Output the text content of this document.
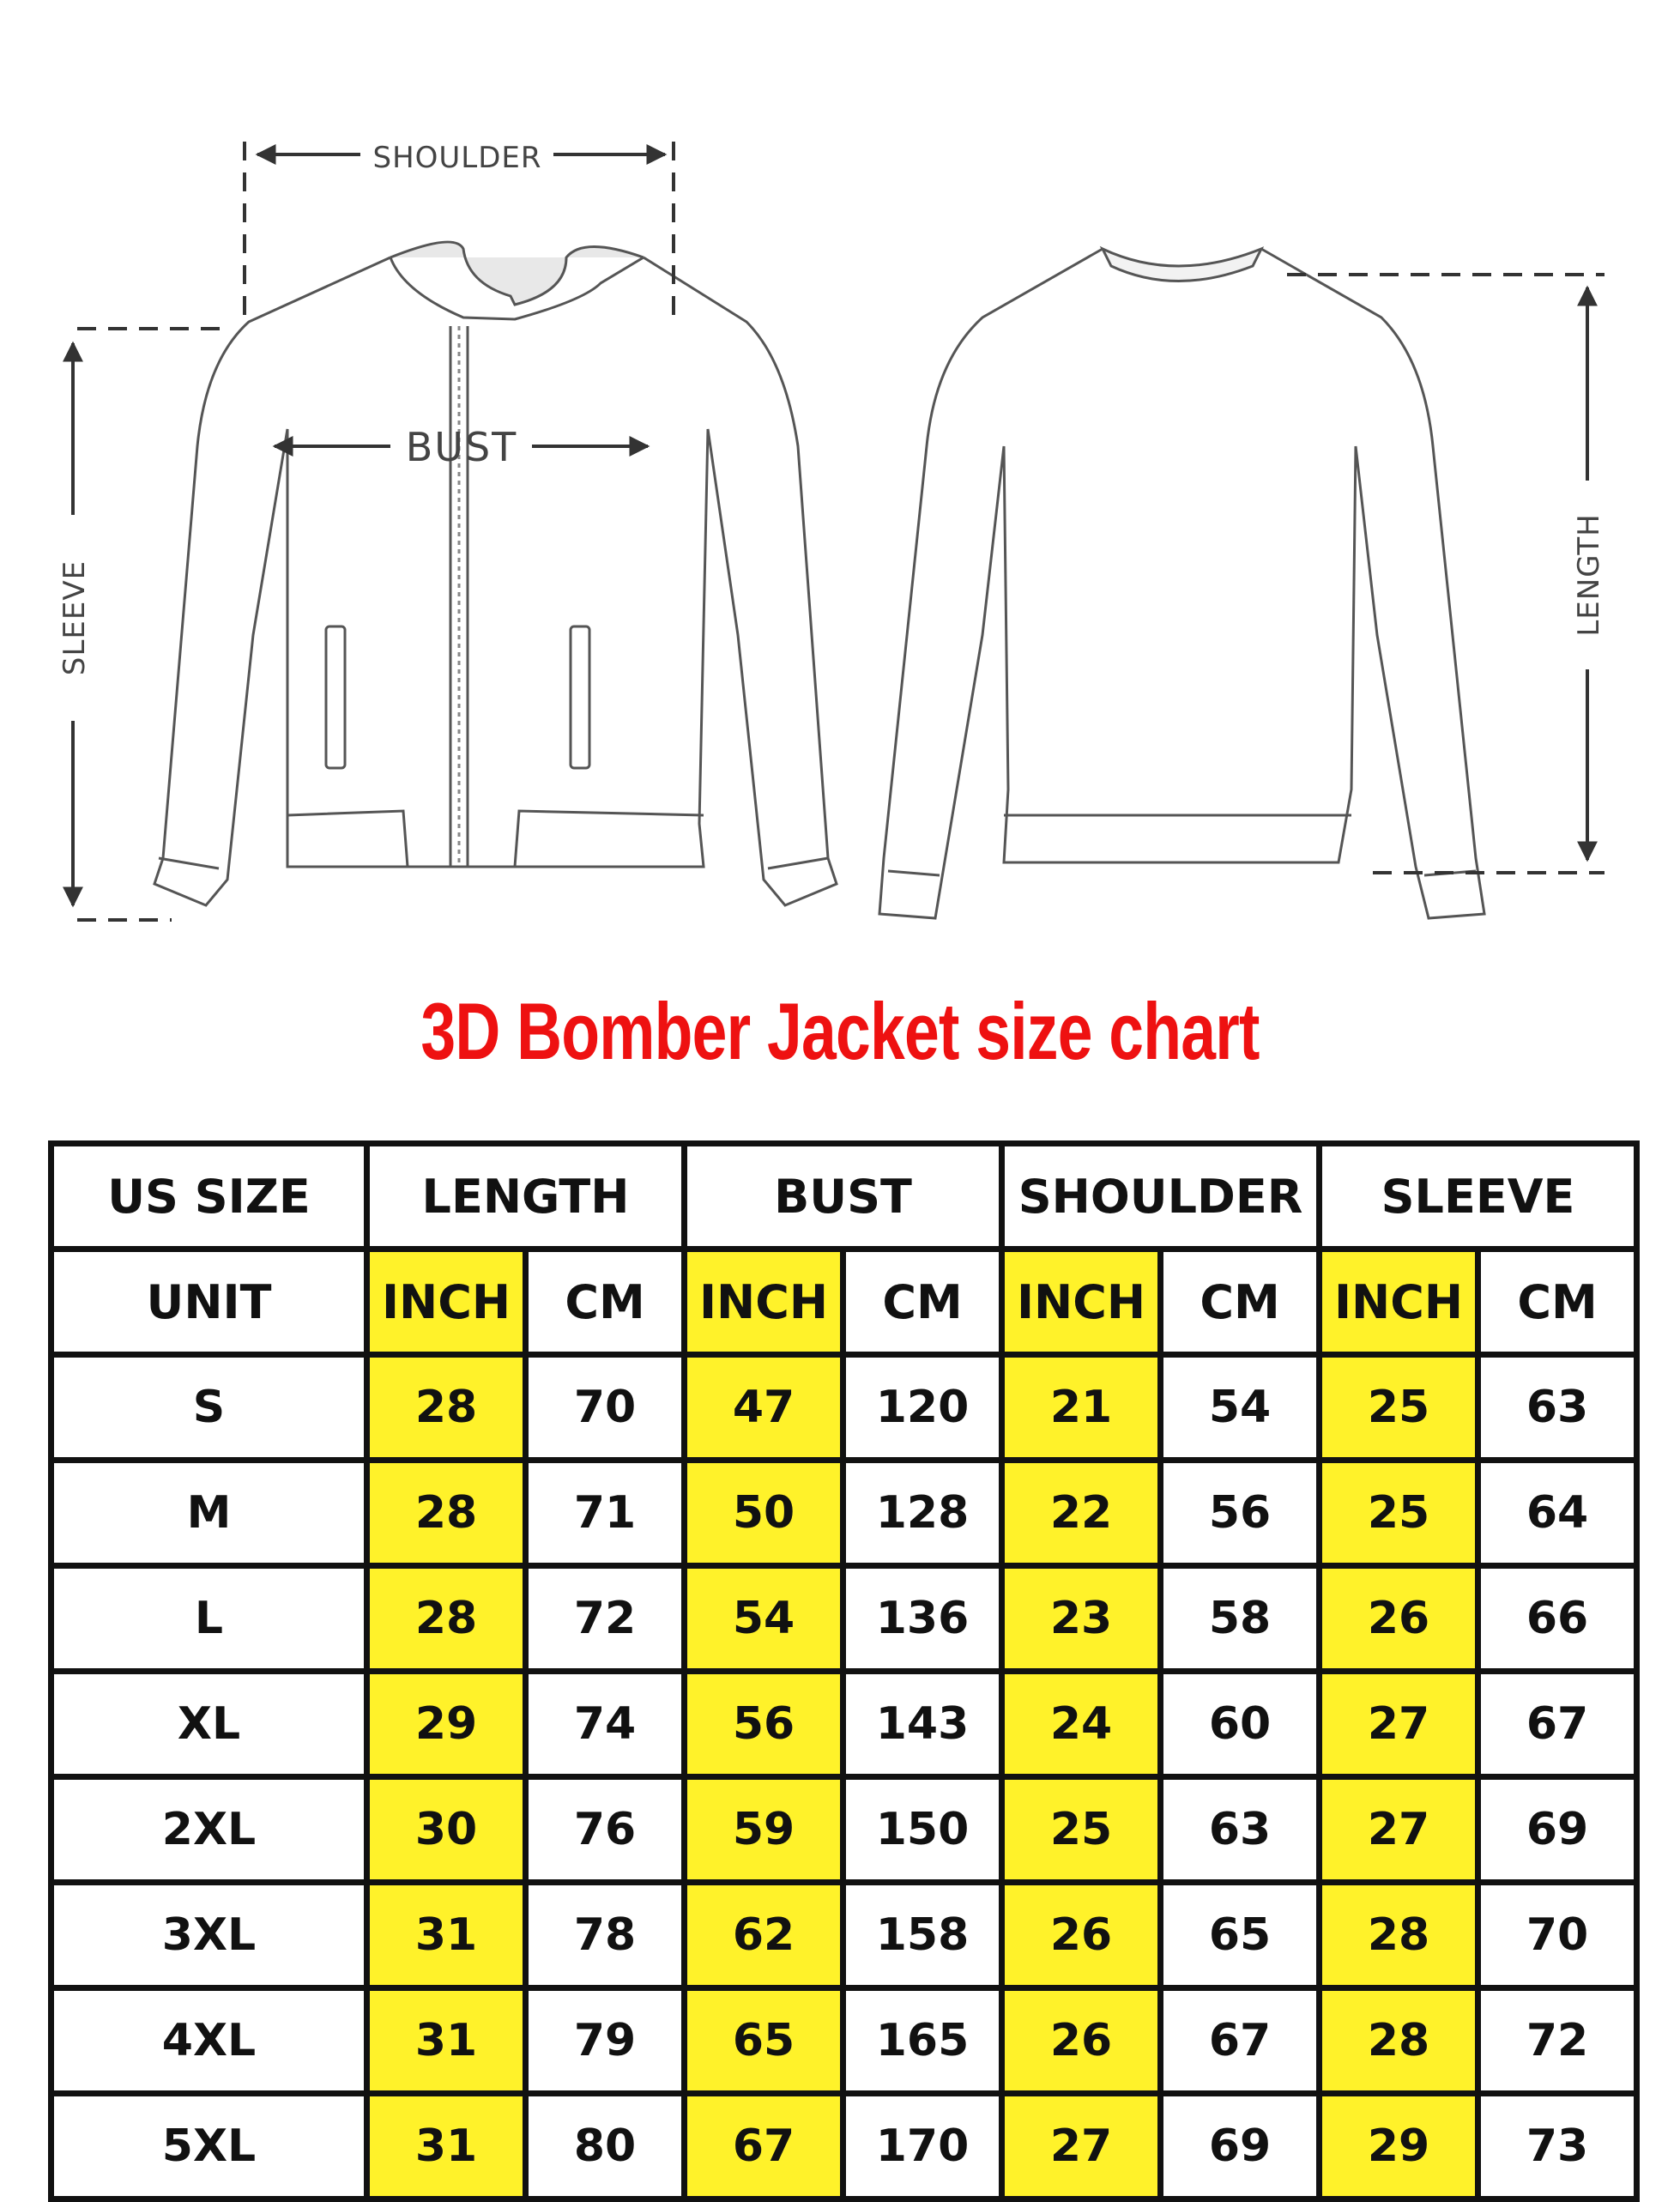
SHOULDER
BUST
SLEEVE	LENGTH
3D Bomber Jacket size chart
US SIZE	LENGTH		BUST		SHOULDER		SLEEVE	
UNIT	INCH	CM	INCH	CM	INCH	CM	INCH	CM
S	28	70	47	120	21	54	25	63
M	28	71	50	128	22	56	25	64
L	28	72	54	136	23	58	26	66
XL	29	74	56	143	24	60	27	67
2XL	30	76	59	150	25	63	27	69
3XL	31	78	62	158	26	65	28	70
4XL	31	79	65	165	26	67	28	72
5XL	31	80	67	170	27	69	29	73
